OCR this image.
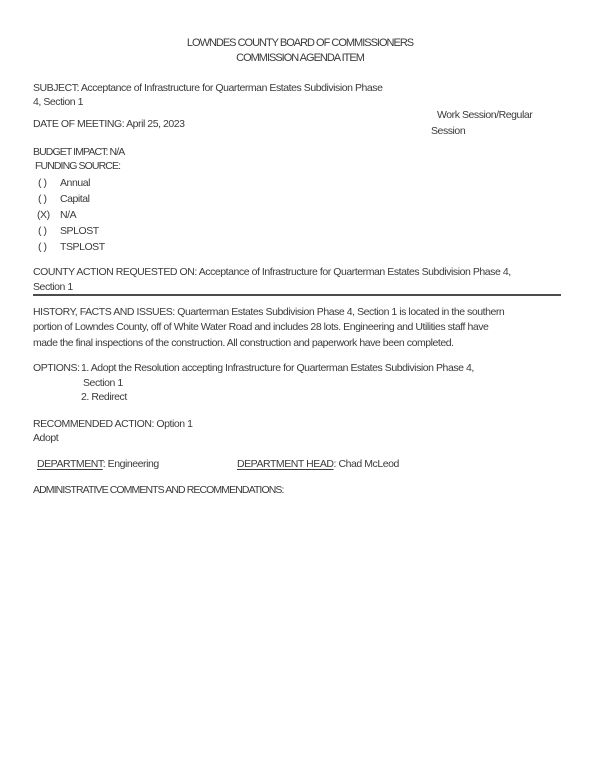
LOWNDES COUNTY BOARD OF COMMISSIONERS
COMMISSION AGENDA ITEM
SUBJECT: Acceptance of Infrastructure for Quarterman Estates Subdivision Phase
4, Section 1
DATE OF MEETING: April 25, 2023
Work Session/Regular
Session
BUDGET IMPACT: N/A
FUNDING SOURCE:
( ) Annual
( ) Capital
(X) N/A
( ) SPLOST
( ) TSPLOST
COUNTY ACTION REQUESTED ON: Acceptance of Infrastructure for Quarterman Estates Subdivision Phase 4,
Section 1
HISTORY, FACTS AND ISSUES: Quarterman Estates Subdivision Phase 4, Section 1 is located in the southern
portion of Lowndes County, off of White Water Road and includes 28 lots. Engineering and Utilities staff have
made the final inspections of the construction. All construction and paperwork have been completed.
OPTIONS: 1. Adopt the Resolution accepting Infrastructure for Quarterman Estates Subdivision Phase 4,
Section 1
2. Redirect
RECOMMENDED ACTION: Option 1
Adopt
DEPARTMENT: Engineering	DEPARTMENT HEAD: Chad McLeod
ADMINISTRATIVE COMMENTS AND RECOMMENDATIONS:
